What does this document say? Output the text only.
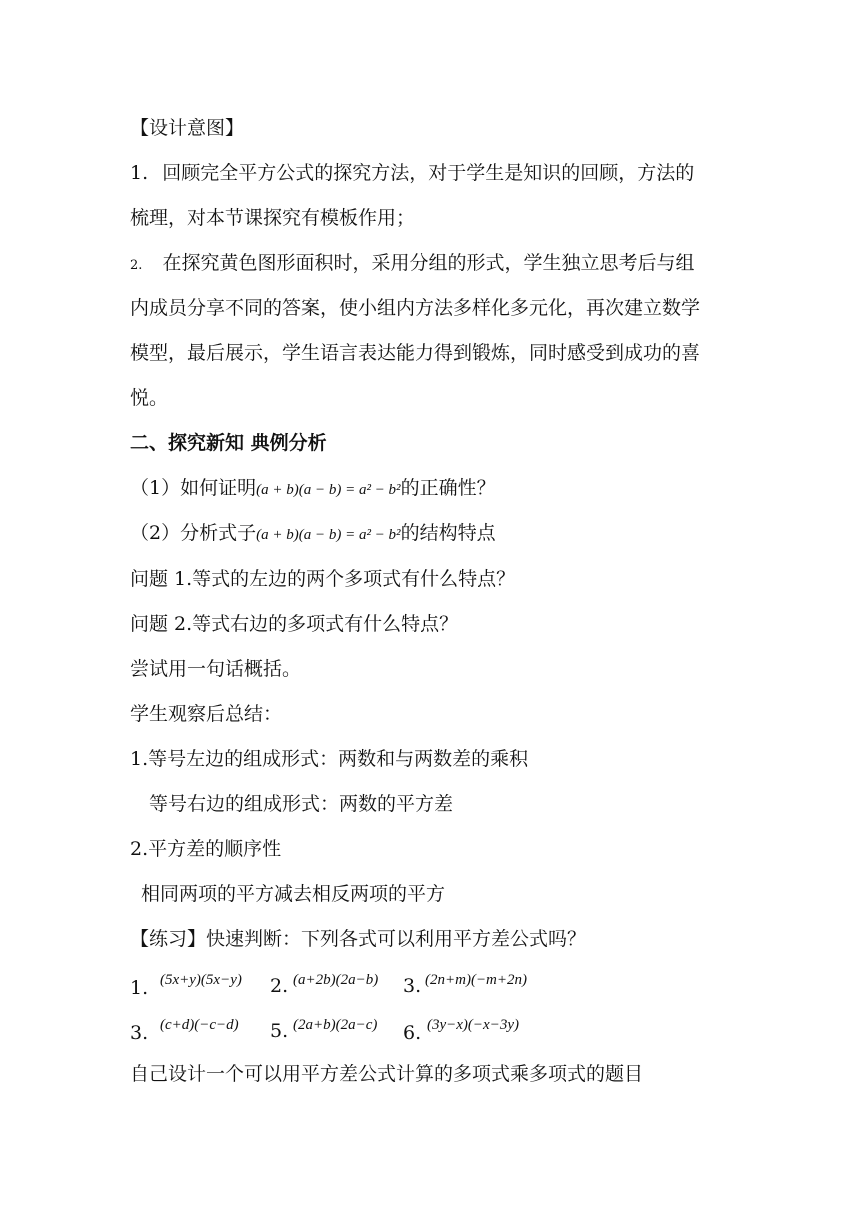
【设计意图】
1. 回顾完全平方公式的探究方法，对于学生是知识的回顾，方法的
梳理，对本节课探究有模板作用；
2. 在探究黄色图形面积时，采用分组的形式，学生独立思考后与组
内成员分享不同的答案，使小组内方法多样化多元化，再次建立数学
模型，最后展示，学生语言表达能力得到锻炼，同时感受到成功的喜
悦。
二、探究新知 典例分析
（1）如何证明(a + b)(a − b) = a² − b²的正确性？
（2）分析式子(a + b)(a − b) = a² − b²的结构特点
问题 1.等式的左边的两个多项式有什么特点？
问题 2.等式右边的多项式有什么特点？
尝试用一句话概括。
学生观察后总结：
1.等号左边的组成形式：两数和与两数差的乘积
等号右边的组成形式：两数的平方差
2.平方差的顺序性
相同两项的平方减去相反两项的平方
【练习】快速判断：下列各式可以利用平方差公式吗？
1. (5x+y)(5x−y) 2. (a+2b)(2a−b) 3. (2n+m)(−m+2n)
3. (c+d)(−c−d) 5. (2a+b)(2a−c) 6. (3y−x)(−x−3y)
自己设计一个可以用平方差公式计算的多项式乘多项式的题目
